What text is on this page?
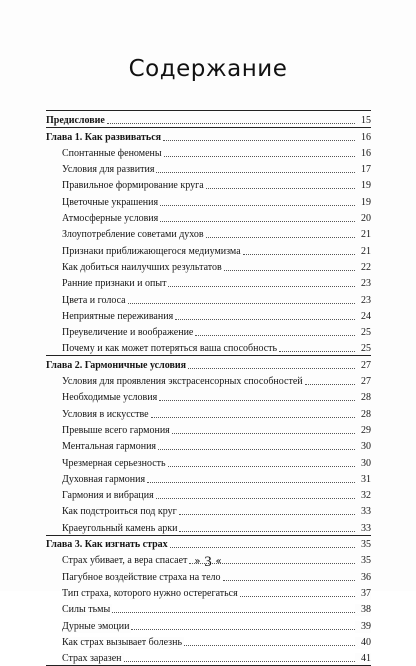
Содержание
Предисловие	15
Глава 1. Как развиваться	16
Спонтанные феномены	16
Условия для развития	17
Правильное формирование круга	19
Цветочные украшения	19
Атмосферные условия	20
Злоупотребление советами духов	21
Признаки приближающегося медиумизма	21
Как добиться наилучших результатов	22
Ранние признаки и опыт	23
Цвета и голоса	23
Неприятные переживания	24
Преувеличение и воображение	25
Почему и как может потеряться ваша способность	25
Глава 2. Гармоничные условия	27
Условия для проявления экстрасенсорных способностей	27
Необходимые условия	28
Условия в искусстве	28
Превыше всего гармония	29
Ментальная гармония	30
Чрезмерная серьезность	30
Духовная гармония	31
Гармония и вибрация	32
Как подстроиться под круг	33
Краеугольный камень арки	33
Глава 3. Как изгнать страх	35
Страх убивает, а вера спасает	35
Пагубное воздействие страха на тело	36
Тип страха, которого нужно остерегаться	37
Силы тьмы	38
Дурные эмоции	39
Как страх вызывает болезнь	40
Страх заразен	41
» 3 «
